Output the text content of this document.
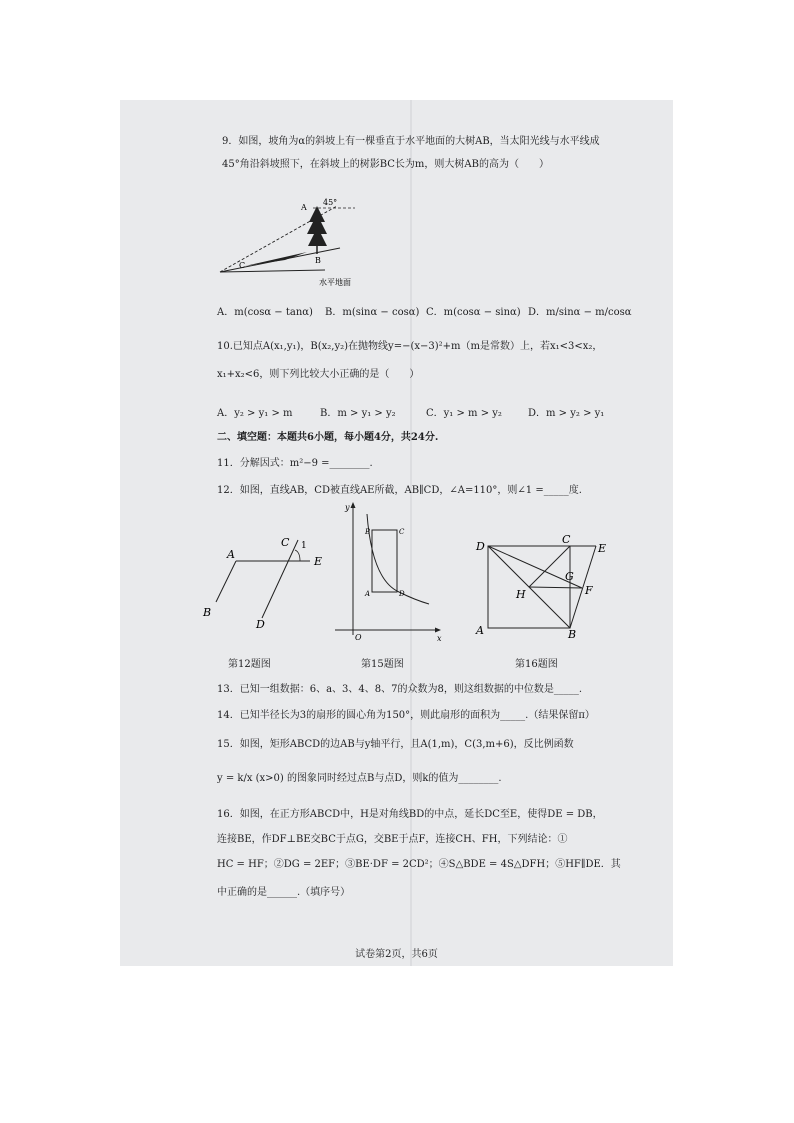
9．如图，坡角为α的斜坡上有一棵垂直于水平地面的大树AB，当太阳光线与水平线成
45°角沿斜坡照下，在斜坡上的树影BC长为m，则大树AB的高为（　　）
A
45°
B
C
水平地面
A．m(cosα − tanα) B．m(sinα − cosα) C．m(cosα − sinα) D．m/sinα − m/cosα
10.已知点A(x₁,y₁)，B(x₂,y₂)在抛物线y=−(x−3)²+m（m是常数）上，若x₁<3<x₂，
x₁+x₂<6，则下列比较大小正确的是（　　）
A．y₂ > y₁ > m	B．m > y₁ > y₂	C．y₁ > m > y₂	D．m > y₂ > y₁
二、填空题：本题共6小题，每小题4分，共24分.
11．分解因式：m²−9 =________.
12．如图，直线AB，CD被直线AE所截，AB∥CD，∠A=110°，则∠1 =_____度.
A
B
C 1
E
D
y
x
O
B	C
A	D
D
C
E
G
H	F
A	B
第12题图	第15题图	第16题图
13．已知一组数据：6、a、3、4、8、7的众数为8，则这组数据的中位数是_____.
14．已知半径长为3的扇形的圆心角为150°，则此扇形的面积为_____.（结果保留π）
15．如图，矩形ABCD的边AB与y轴平行，且A(1,m)，C(3,m+6)，反比例函数
y = k/x (x>0) 的图象同时经过点B与点D，则k的值为________.
16．如图，在正方形ABCD中，H是对角线BD的中点，延长DC至E，使得DE = DB，
连接BE，作DF⊥BE交BC于点G，交BE于点F，连接CH、FH，下列结论：①
HC = HF；②DG = 2EF；③BE·DF = 2CD²；④S△BDE = 4S△DFH；⑤HF∥DE．其
中正确的是______.（填序号）
试卷第2页，共6页
